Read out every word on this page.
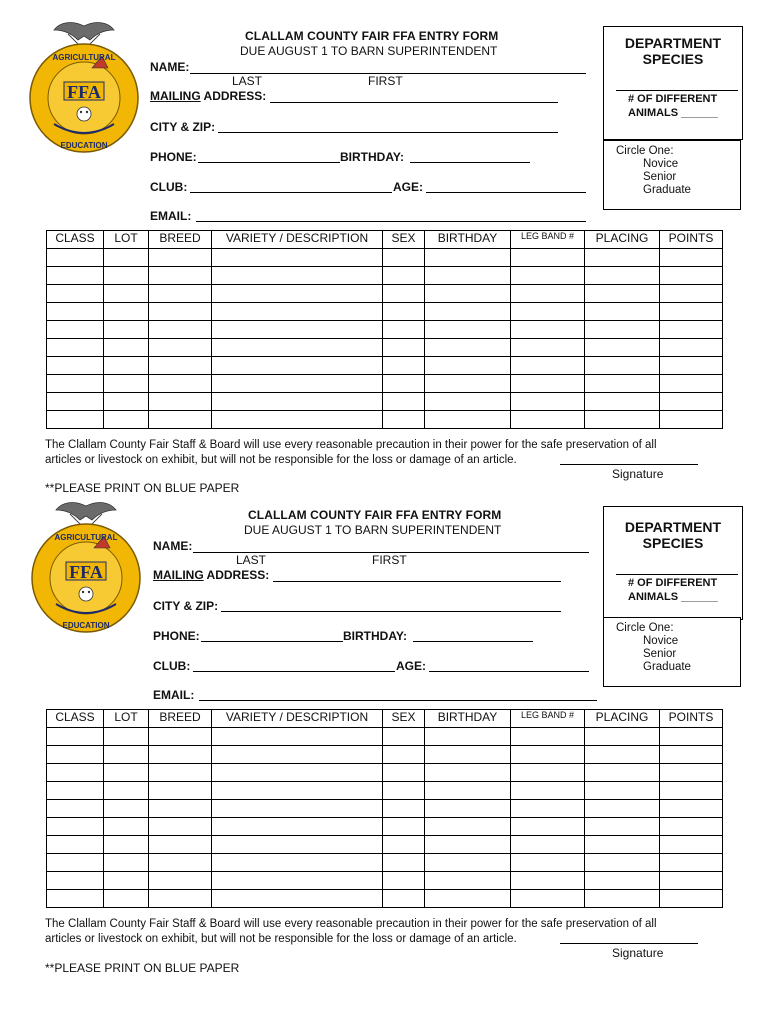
FFA
EDUCATION
AGRICULTURAL
CLALLAM COUNTY FAIR FFA ENTRY FORM
DUE AUGUST 1 TO BARN SUPERINTENDENT
NAME:
LAST	FIRST
MAILING ADDRESS:
CITY & ZIP:
PHONE:	BIRTHDAY:
CLUB:	AGE:
EMAIL:
DEPARTMENT
SPECIES
# OF DIFFERENT
ANIMALS ______
Circle One:
Novice
Senior
Graduate
CLASS	LOT	BREED	VARIETY / DESCRIPTION	SEX	BIRTHDAY	LEG BAND #	PLACING	POINTS

The Clallam County Fair Staff & Board will use every reasonable precaution in their power for the safe preservation of all
articles or livestock on exhibit, but will not be responsible for the loss or damage of an article.
Signature
**PLEASE PRINT ON BLUE PAPER
FFA
EDUCATION
AGRICULTURAL
CLALLAM COUNTY FAIR FFA ENTRY FORM
DUE AUGUST 1 TO BARN SUPERINTENDENT
NAME:
LAST	FIRST
MAILING ADDRESS:
CITY & ZIP:
PHONE:	BIRTHDAY:
CLUB:	AGE:
EMAIL:
DEPARTMENT
SPECIES
# OF DIFFERENT
ANIMALS ______
Circle One:
Novice
Senior
Graduate
CLASS	LOT	BREED	VARIETY / DESCRIPTION	SEX	BIRTHDAY	LEG BAND #	PLACING	POINTS

The Clallam County Fair Staff & Board will use every reasonable precaution in their power for the safe preservation of all
articles or livestock on exhibit, but will not be responsible for the loss or damage of an article.
Signature
**PLEASE PRINT ON BLUE PAPER
